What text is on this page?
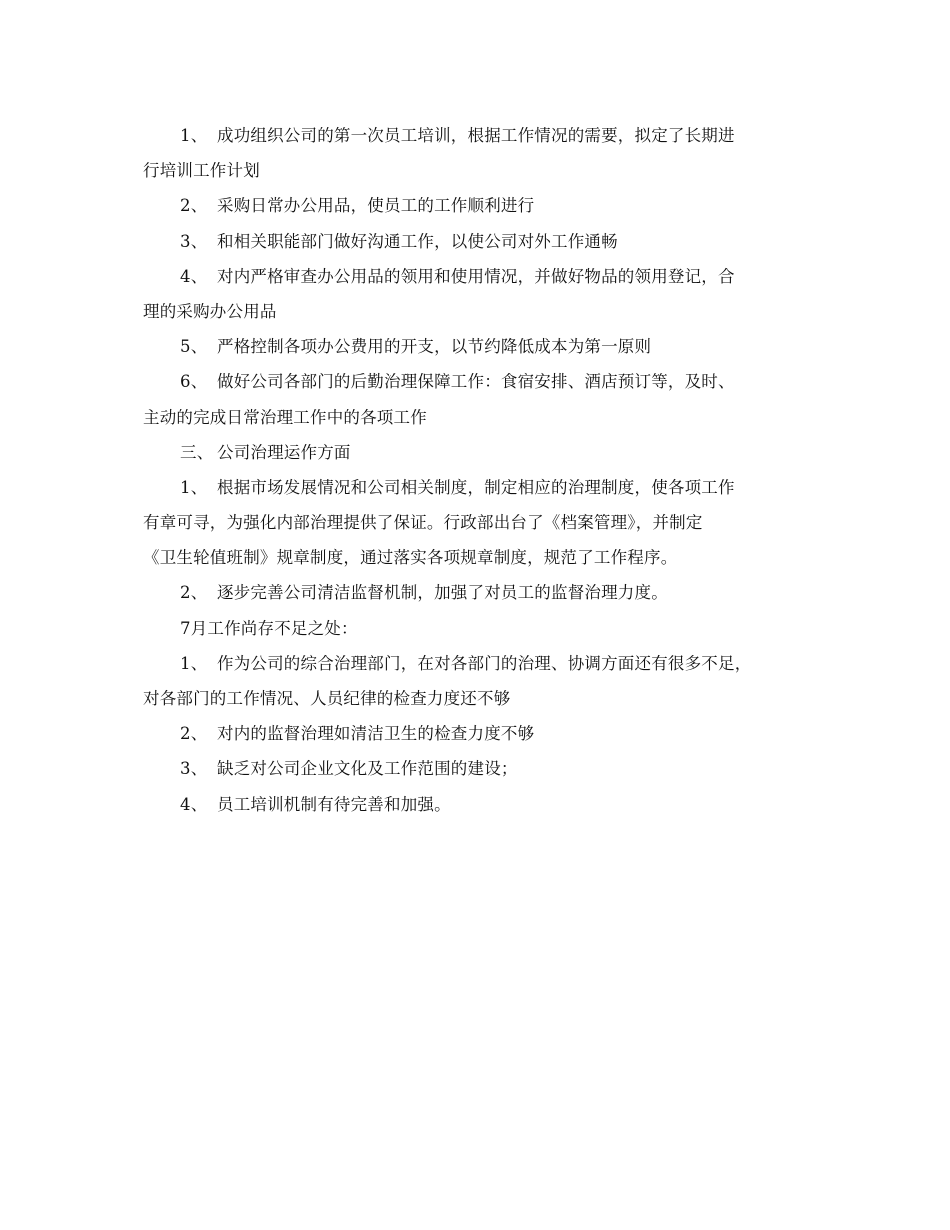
1、 成功组织公司的第一次员工培训，根据工作情况的需要，拟定了长期进
行培训工作计划
2、 采购日常办公用品，使员工的工作顺利进行
3、 和相关职能部门做好沟通工作，以使公司对外工作通畅
4、 对内严格审查办公用品的领用和使用情况，并做好物品的领用登记，合
理的采购办公用品
5、 严格控制各项办公费用的开支，以节约降低成本为第一原则
6、 做好公司各部门的后勤治理保障工作：食宿安排、酒店预订等，及时、
主动的完成日常治理工作中的各项工作
三、 公司治理运作方面
1、 根据市场发展情况和公司相关制度，制定相应的治理制度，使各项工作
有章可寻，为强化内部治理提供了保证。行政部出台了《档案管理》，并制定
《卫生轮值班制》规章制度，通过落实各项规章制度，规范了工作程序。
2、 逐步完善公司清洁监督机制，加强了对员工的监督治理力度。
7月工作尚存不足之处：
1、 作为公司的综合治理部门，在对各部门的治理、协调方面还有很多不足，
对各部门的工作情况、人员纪律的检查力度还不够
2、 对内的监督治理如清洁卫生的检查力度不够
3、 缺乏对公司企业文化及工作范围的建设；
4、 员工培训机制有待完善和加强。
